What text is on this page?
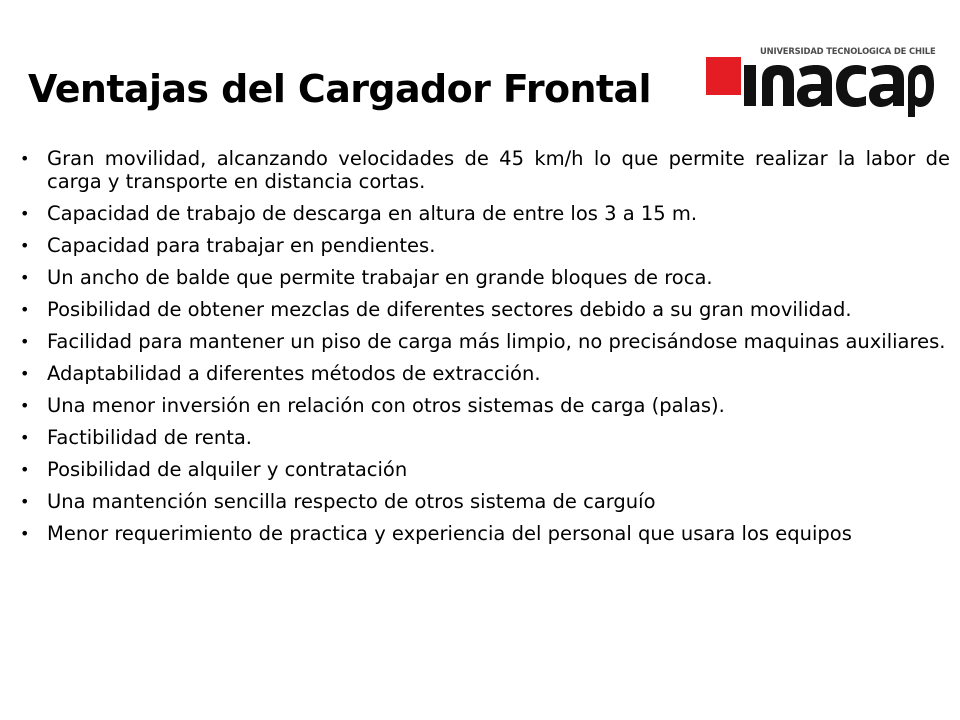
Ventajas del Cargador Frontal
UNIVERSIDAD TECNOLOGICA DE CHILE
• Gran movilidad, alcanzando velocidades de 45 km/h lo que permite realizar la labor de carga y transporte en distancia cortas.
• Capacidad de trabajo de descarga en altura de entre los 3 a 15 m.
• Capacidad para trabajar en pendientes.
• Un ancho de balde que permite trabajar en grande bloques de roca.
• Posibilidad de obtener mezclas de diferentes sectores debido a su gran movilidad.
• Facilidad para mantener un piso de carga más limpio, no precisándose maquinas auxiliares.
• Adaptabilidad a diferentes métodos de extracción.
• Una menor inversión en relación con otros sistemas de carga (palas).
• Factibilidad de renta.
• Posibilidad de alquiler y contratación
• Una mantención sencilla respecto de otros sistema de carguío
• Menor requerimiento de practica y experiencia del personal que usara los equipos
